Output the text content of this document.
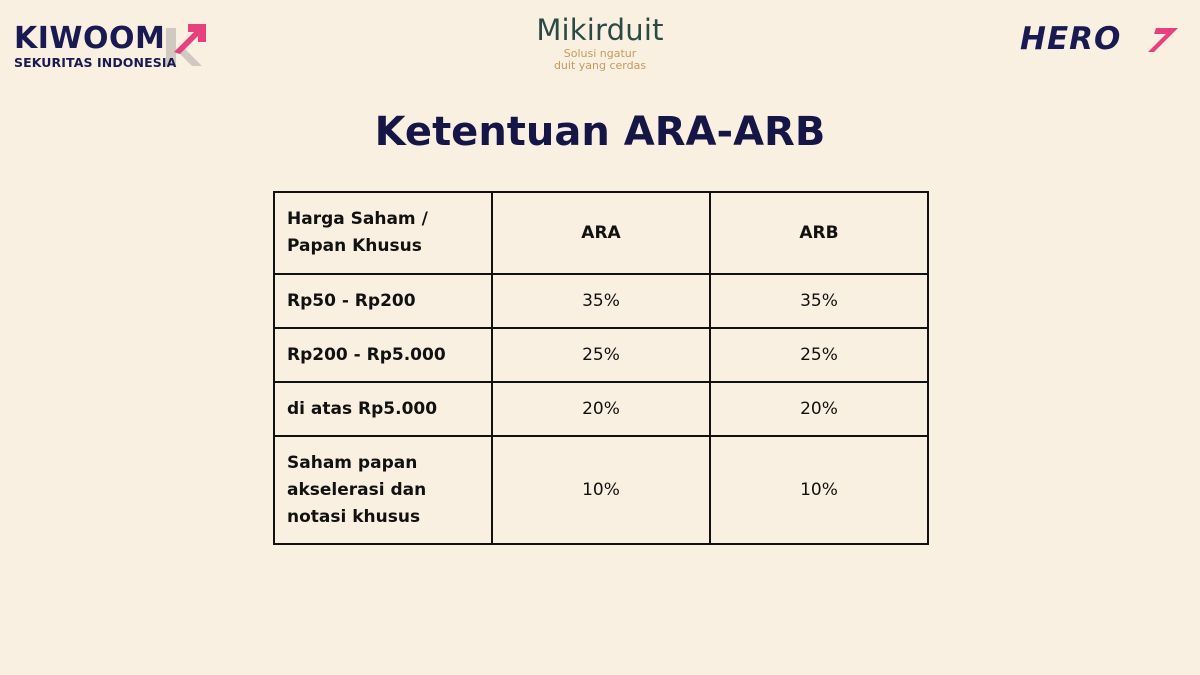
KIWOOM
SEKURITAS INDONESIA
Mikirduit
Solusi ngatur
duit yang cerdas
HERO
Ketentuan ARA-ARB
Harga Saham / Papan Khusus	ARA	ARB
Rp50 - Rp200	35%	35%
Rp200 - Rp5.000	25%	25%
di atas Rp5.000	20%	20%
Saham papan akselerasi dan notasi khusus	10%	10%
